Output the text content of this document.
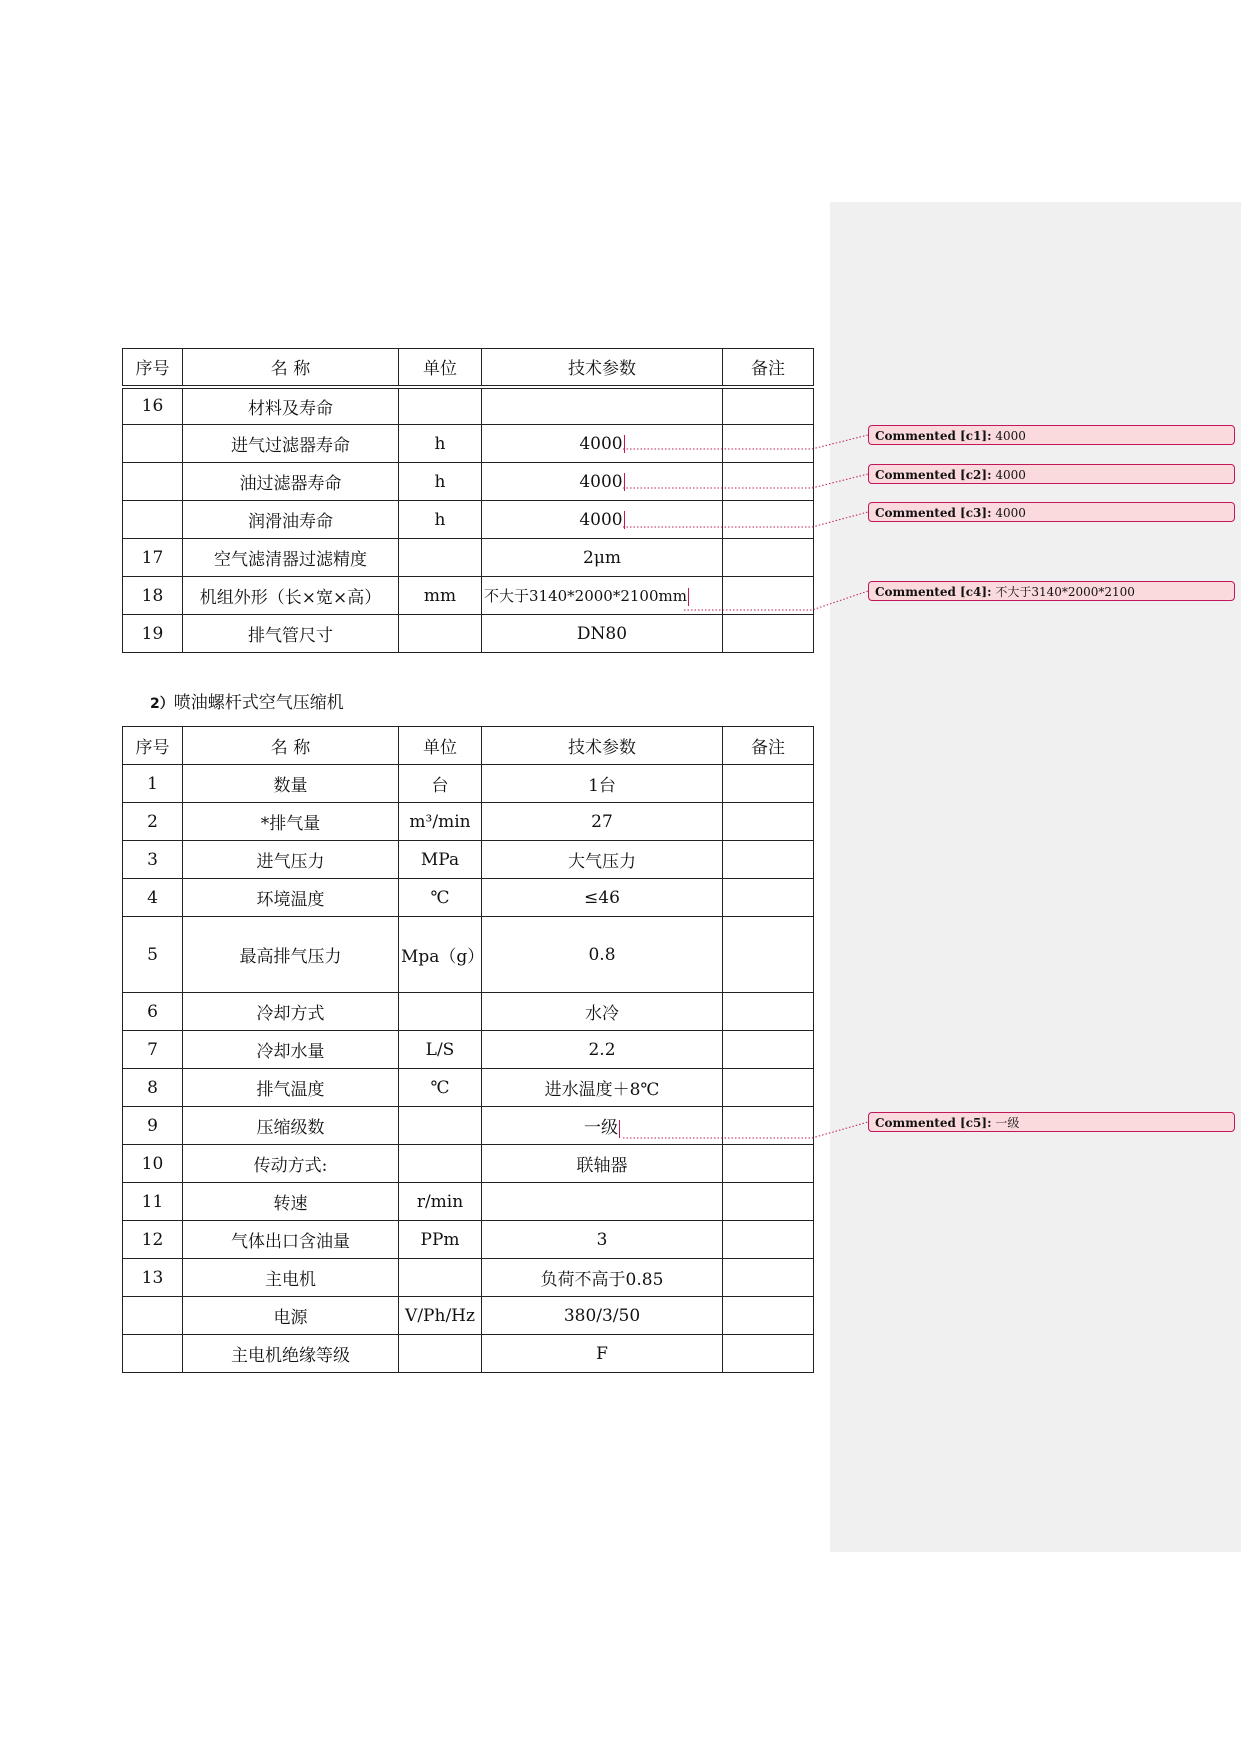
序号	名 称	单位	技术参数	备注
16	材料及寿命			
	进气过滤器寿命	h	4000	
	油过滤器寿命	h	4000	
	润滑油寿命	h	4000	
17	空气滤清器过滤精度		2μm	
18	机组外形（长×宽×高）	mm	不大于3140*2000*2100mm	
19	排气管尺寸		DN80	
2）喷油螺杆式空气压缩机
序号	名 称	单位	技术参数	备注
1	数量	台	1台	
2	*排气量	m³/min	27	
3	进气压力	MPa	大气压力	
4	环境温度	℃	≤46	
5	最高排气压力	Mpa（g）	0.8	
6	冷却方式		水冷	
7	冷却水量	L/S	2.2	
8	排气温度	℃	进水温度＋8℃	
9	压缩级数		一级	
10	传动方式:		联轴器	
11	转速	r/min		
12	气体出口含油量	PPm	3	
13	主电机		负荷不高于0.85	
	电源	V/Ph/Hz	380/3/50	
	主电机绝缘等级		F	
Commented [c1]: 4000
Commented [c2]: 4000
Commented [c3]: 4000
Commented [c4]: 不大于3140*2000*2100
Commented [c5]: 一级
